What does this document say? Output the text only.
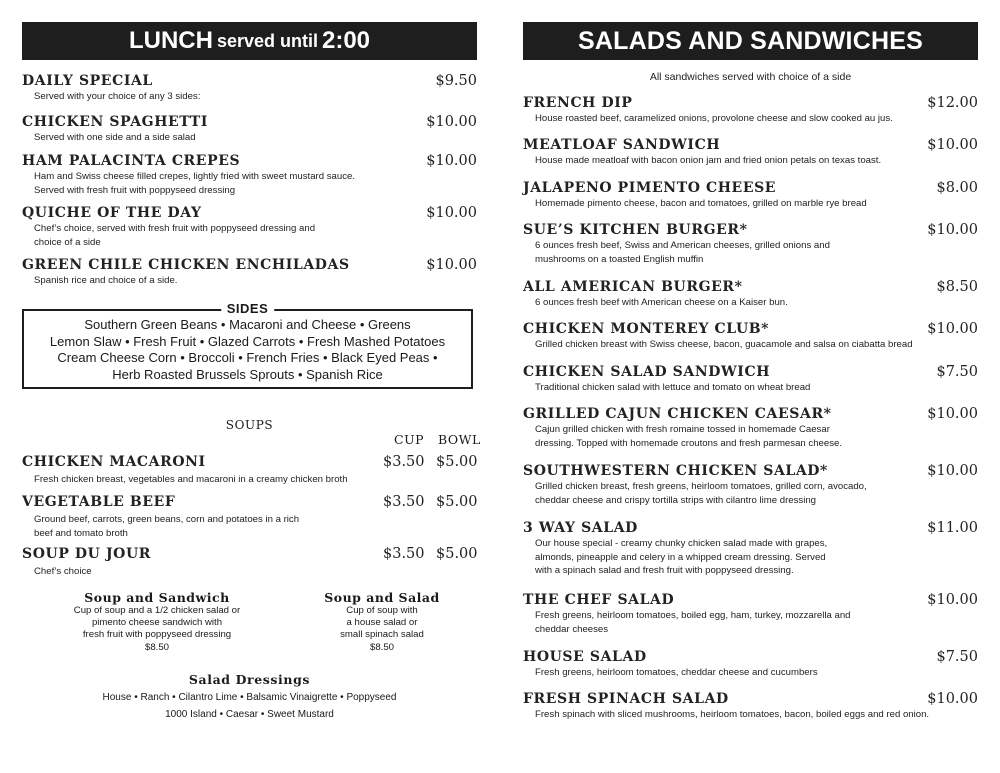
LUNCH served until 2:00
DAILY SPECIAL	$9.50
Served with your choice of any 3 sides:
CHICKEN SPAGHETTI	$10.00
Served with one side and a side salad
HAM PALACINTA CREPES	$10.00
Ham and Swiss cheese filled crepes, lightly fried with sweet mustard sauce.
Served with fresh fruit with poppyseed dressing
QUICHE OF THE DAY	$10.00
Chef’s choice, served with fresh fruit with poppyseed dressing and
choice of a side
GREEN CHILE CHICKEN ENCHILADAS	$10.00
Spanish rice and choice of a side.
SIDES
Southern Green Beans • Macaroni and Cheese • Greens
Lemon Slaw • Fresh Fruit • Glazed Carrots • Fresh Mashed Potatoes
Cream Cheese Corn • Broccoli • French Fries • Black Eyed Peas •
Herb Roasted Brussels Sprouts • Spanish Rice
SOUPS
CUP BOWL
CHICKEN MACARONI	$3.50 $5.00
Fresh chicken breast, vegetables and macaroni in a creamy chicken broth
VEGETABLE BEEF	$3.50 $5.00
Ground beef, carrots, green beans, corn and potatoes in a rich
beef and tomato broth
SOUP DU JOUR	$3.50 $5.00
Chef’s choice
Soup and Sandwich
Cup of soup and a 1/2 chicken salad or
pimento cheese sandwich with
fresh fruit with poppyseed dressing
$8.50
Soup and Salad
Cup of soup with
a house salad or
small spinach salad
$8.50
Salad Dressings
House • Ranch • Cilantro Lime • Balsamic Vinaigrette • Poppyseed
1000 Island • Caesar • Sweet Mustard
SALADS AND SANDWICHES
All sandwiches served with choice of a side
FRENCH DIP	$12.00
House roasted beef, caramelized onions, provolone cheese and slow cooked au jus.
MEATLOAF SANDWICH	$10.00
House made meatloaf with bacon onion jam and fried onion petals on texas toast.
JALAPENO PIMENTO CHEESE	$8.00
Homemade pimento cheese, bacon and tomatoes, grilled on marble rye bread
SUE’S KITCHEN BURGER*	$10.00
6 ounces fresh beef, Swiss and American cheeses, grilled onions and
mushrooms on a toasted English muffin
ALL AMERICAN BURGER*	$8.50
6 ounces fresh beef with American cheese on a Kaiser bun.
CHICKEN MONTEREY CLUB*	$10.00
Grilled chicken breast with Swiss cheese, bacon, guacamole and salsa on ciabatta bread
CHICKEN SALAD SANDWICH	$7.50
Traditional chicken salad with lettuce and tomato on wheat bread
GRILLED CAJUN CHICKEN CAESAR*	$10.00
Cajun grilled chicken with fresh romaine tossed in homemade Caesar
dressing. Topped with homemade croutons and fresh parmesan cheese.
SOUTHWESTERN CHICKEN SALAD*	$10.00
Grilled chicken breast, fresh greens, heirloom tomatoes, grilled corn, avocado,
cheddar cheese and crispy tortilla strips with cilantro lime dressing
3 WAY SALAD	$11.00
Our house special - creamy chunky chicken salad made with grapes,
almonds, pineapple and celery in a whipped cream dressing. Served
with a spinach salad and fresh fruit with poppyseed dressing.
THE CHEF SALAD	$10.00
Fresh greens, heirloom tomatoes, boiled egg, ham, turkey, mozzarella and
cheddar cheeses
HOUSE SALAD	$7.50
Fresh greens, heirloom tomatoes, cheddar cheese and cucumbers
FRESH SPINACH SALAD	$10.00
Fresh spinach with sliced mushrooms, heirloom tomatoes, bacon, boiled eggs and red onion.
